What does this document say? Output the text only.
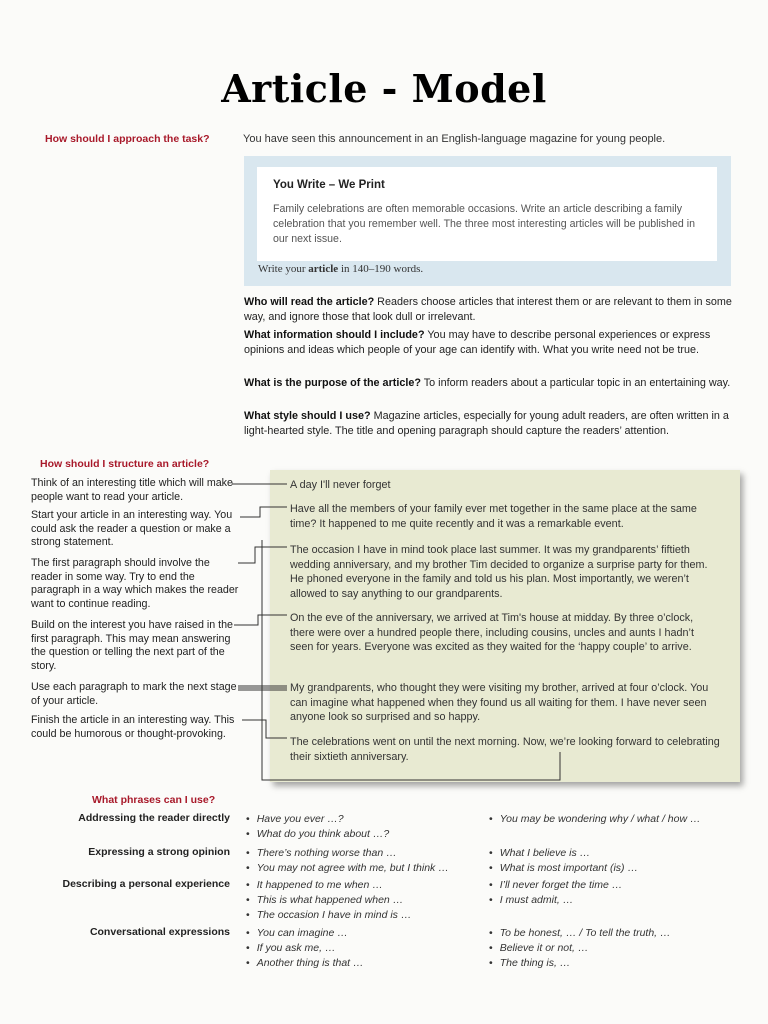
Article - Model
How should I approach the task?	You have seen this announcement in an English-language magazine for young people.
You Write – We Print
Family celebrations are often memorable occasions. Write an article describing a family celebration that you remember well. The three most interesting articles will be published in our next issue.
Write your article in 140–190 words.
Who will read the article? Readers choose articles that interest them or are relevant to them in some way, and ignore those that look dull or irrelevant.
What information should I include? You may have to describe personal experiences or express opinions and ideas which people of your age can identify with. What you write need not be true.
What is the purpose of the article? To inform readers about a particular topic in an entertaining way.
What style should I use? Magazine articles, especially for young adult readers, are often written in a light-hearted style. The title and opening paragraph should capture the readers’ attention.
How should I structure an article?
Think of an interesting title which will make people want to read your article.
Start your article in an interesting way. You could ask the reader a question or make a strong statement.
The first paragraph should involve the reader in some way. Try to end the paragraph in a way which makes the reader want to continue reading.
Build on the interest you have raised in the first paragraph. This may mean answering the question or telling the next part of the story.
Use each paragraph to mark the next stage of your article.
Finish the article in an interesting way. This could be humorous or thought-provoking.
A day I'll never forget
Have all the members of your family ever met together in the same place at the same time? It happened to me quite recently and it was a remarkable event.
The occasion I have in mind took place last summer. It was my grandparents’ fiftieth wedding anniversary, and my brother Tim decided to organize a surprise party for them. He phoned everyone in the family and told us his plan. Most importantly, we weren’t allowed to say anything to our grandparents.
On the eve of the anniversary, we arrived at Tim's house at midday. By three o’clock, there were over a hundred people there, including cousins, uncles and aunts I hadn’t seen for years. Everyone was excited as they waited for the ‘happy couple’ to arrive.
My grandparents, who thought they were visiting my brother, arrived at four o’clock. You can imagine what happened when they found us all waiting for them. I have never seen anyone look so surprised and so happy.
The celebrations went on until the next morning. Now, we’re looking forward to celebrating their sixtieth anniversary.
What phrases can I use?
Addressing the reader directly • Have you ever …?
• What do you think about …?
• You may be wondering why / what / how …
Expressing a strong opinion • There’s nothing worse than …
• You may not agree with me, but I think …
• What I believe is …
• What is most important (is) …
Describing a personal experience • It happened to me when …
• This is what happened when …
• The occasion I have in mind is …
• I’ll never forget the time …
• I must admit, …
Conversational expressions • You can imagine …
• If you ask me, …
• Another thing is that …
• To be honest, … / To tell the truth, …
• Believe it or not, …
• The thing is, …
